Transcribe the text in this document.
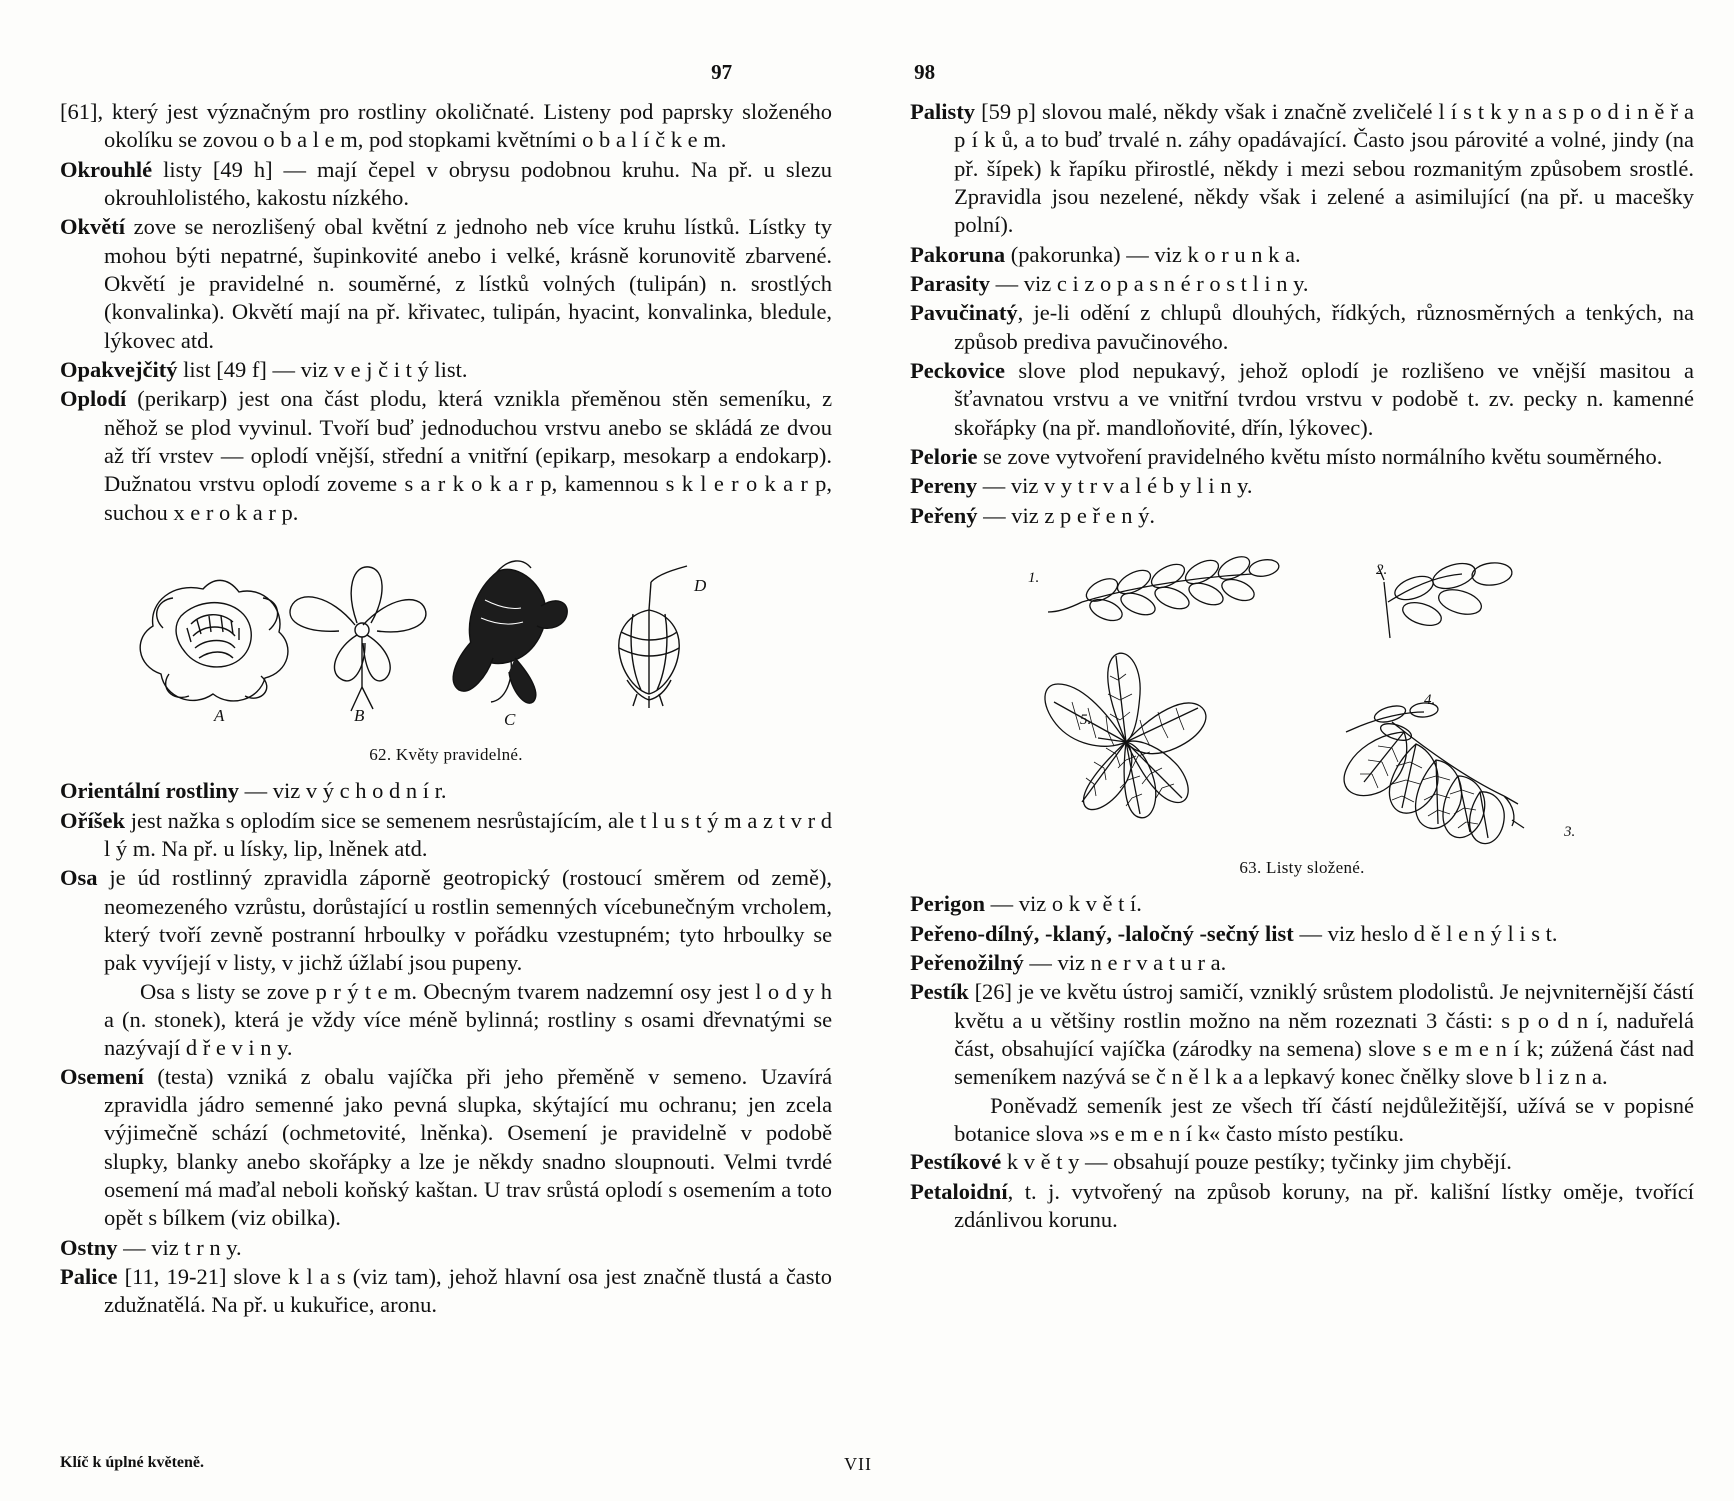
97

[61], který jest význačným pro rostliny okoličnaté. Listeny pod paprsky složeného okolíku se zovou o b a l e m, pod stopkami květními o b a l í č k e m.

Okrouhlé listy [49 h] — mají čepel v obrysu podobnou kruhu. Na př. u slezu okrouhlolistého, kakostu nízkého.

Okvětí zove se nerozlišený obal květní z jednoho neb více kruhu lístků. Lístky ty mohou býti nepatrné, šupinkovité anebo i velké, krásně korunovitě zbarvené. Okvětí je pravidelné n. souměrné, z lístků volných (tulipán) n. srostlých (konvalinka). Okvětí mají na př. křivatec, tulipán, hyacint, konvalinka, bledule, lýkovec atd.

Opakvejčitý list [49 f] — viz v e j č i t ý list.

Oplodí (perikarp) jest ona část plodu, která vznikla přeměnou stěn semeníku, z něhož se plod vyvinul. Tvoří buď jednoduchou vrstvu anebo se skládá ze dvou až tří vrstev — oplodí vnější, střední a vnitřní (epikarp, mesokarp a endokarp). Dužnatou vrstvu oplodí zoveme s a r k o k a r p, kamennou s k l e r o k a r p, suchou x e r o k a r p.

A	B	C
D
62. Květy pravidelné.

Orientální rostliny — viz v ý c h o d n í r.

Oříšek jest nažka s oplodím sice se semenem nesrůstajícím, ale t l u s t ý m a z t v r d l ý m. Na př. u lísky, lip, lněnek atd.

Osa je úd rostlinný zpravidla záporně geotropický (rostoucí směrem od země), neomezeného vzrůstu, dorůstající u rostlin semenných vícebunečným vrcholem, který tvoří zevně postranní hrboulky v pořádku vzestupném; tyto hrboulky se pak vyvíjejí v listy, v jichž úžlabí jsou pupeny.

Osa s listy se zove p r ý t e m. Obecným tvarem nadzemní osy jest l o d y h a (n. stonek), která je vždy více méně bylinná; rostliny s osami dřevnatými se nazývají d ř e v i n y.

Osemení (testa) vzniká z obalu vajíčka při jeho přeměně v semeno. Uzavírá zpravidla jádro semenné jako pevná slupka, skýtající mu ochranu; jen zcela výjimečně schází (ochmetovité, lněnka). Osemení je pravidelně v podobě slupky, blanky anebo skořápky a lze je někdy snadno sloupnouti. Velmi tvrdé osemení má maďal neboli koňský kaštan. U trav srůstá oplodí s osemením a toto opět s bílkem (viz obilka).

Ostny — viz t r n y.

Palice [11, 19-21] slove k l a s (viz tam), jehož hlavní osa jest značně tlustá a často zdužnatělá. Na př. u kukuřice, aronu.

Klíč k úplné květeně.	VII
98

Palisty [59 p] slovou malé, někdy však i značně zveličelé l í s t k y n a s p o d i n ě ř a p í k ů, a to buď trvalé n. záhy opadávající. Často jsou párovité a volné, jindy (na př. šípek) k řapíku přirostlé, někdy i mezi sebou rozmanitým způsobem srostlé. Zpravidla jsou nezelené, někdy však i zelené a asimilující (na př. u macešky polní).

Pakoruna (pakorunka) — viz k o r u n k a.

Parasity — viz c i z o p a s n é r o s t l i n y.

Pavučinatý, je-li odění z chlupů dlouhých, řídkých, různosměrných a tenkých, na způsob prediva pavučinového.

Peckovice slove plod nepukavý, jehož oplodí je rozlišeno ve vnější masitou a šťavnatou vrstvu a ve vnitřní tvrdou vrstvu v podobě t. zv. pecky n. kamenné skořápky (na př. mandloňovité, dřín, lýkovec).

Pelorie se zove vytvoření pravidelného květu místo normálního květu souměrného.

Pereny — viz v y t r v a l é b y l i n y.

Peřený — viz z p e ř e n ý.

1.	2.
5.
4.
3.
63. Listy složené.

Perigon — viz o k v ě t í.

Peřeno-dílný, -klaný, -laločný -sečný list — viz heslo d ě l e n ý l i s t.

Peřenožilný — viz n e r v a t u r a.

Pestík [26] je ve květu ústroj samičí, vzniklý srůstem plodolistů. Je nejvniternější částí květu a u většiny rostlin možno na něm rozeznati 3 části: s p o d n í, naduřelá část, obsahující vajíčka (zárodky na semena) slove s e m e n í k; zúžená část nad semeníkem nazývá se č n ě l k a a lepkavý konec čnělky slove b l i z n a.

Poněvadž semeník jest ze všech tří částí nejdůležitější, užívá se v popisné botanice slova »s e m e n í k« často místo pestíku.

Pestíkové k v ě t y — obsahují pouze pestíky; tyčinky jim chybějí.

Petaloidní, t. j. vytvořený na způsob koruny, na př. kališní lístky oměje, tvořící zdánlivou korunu.
